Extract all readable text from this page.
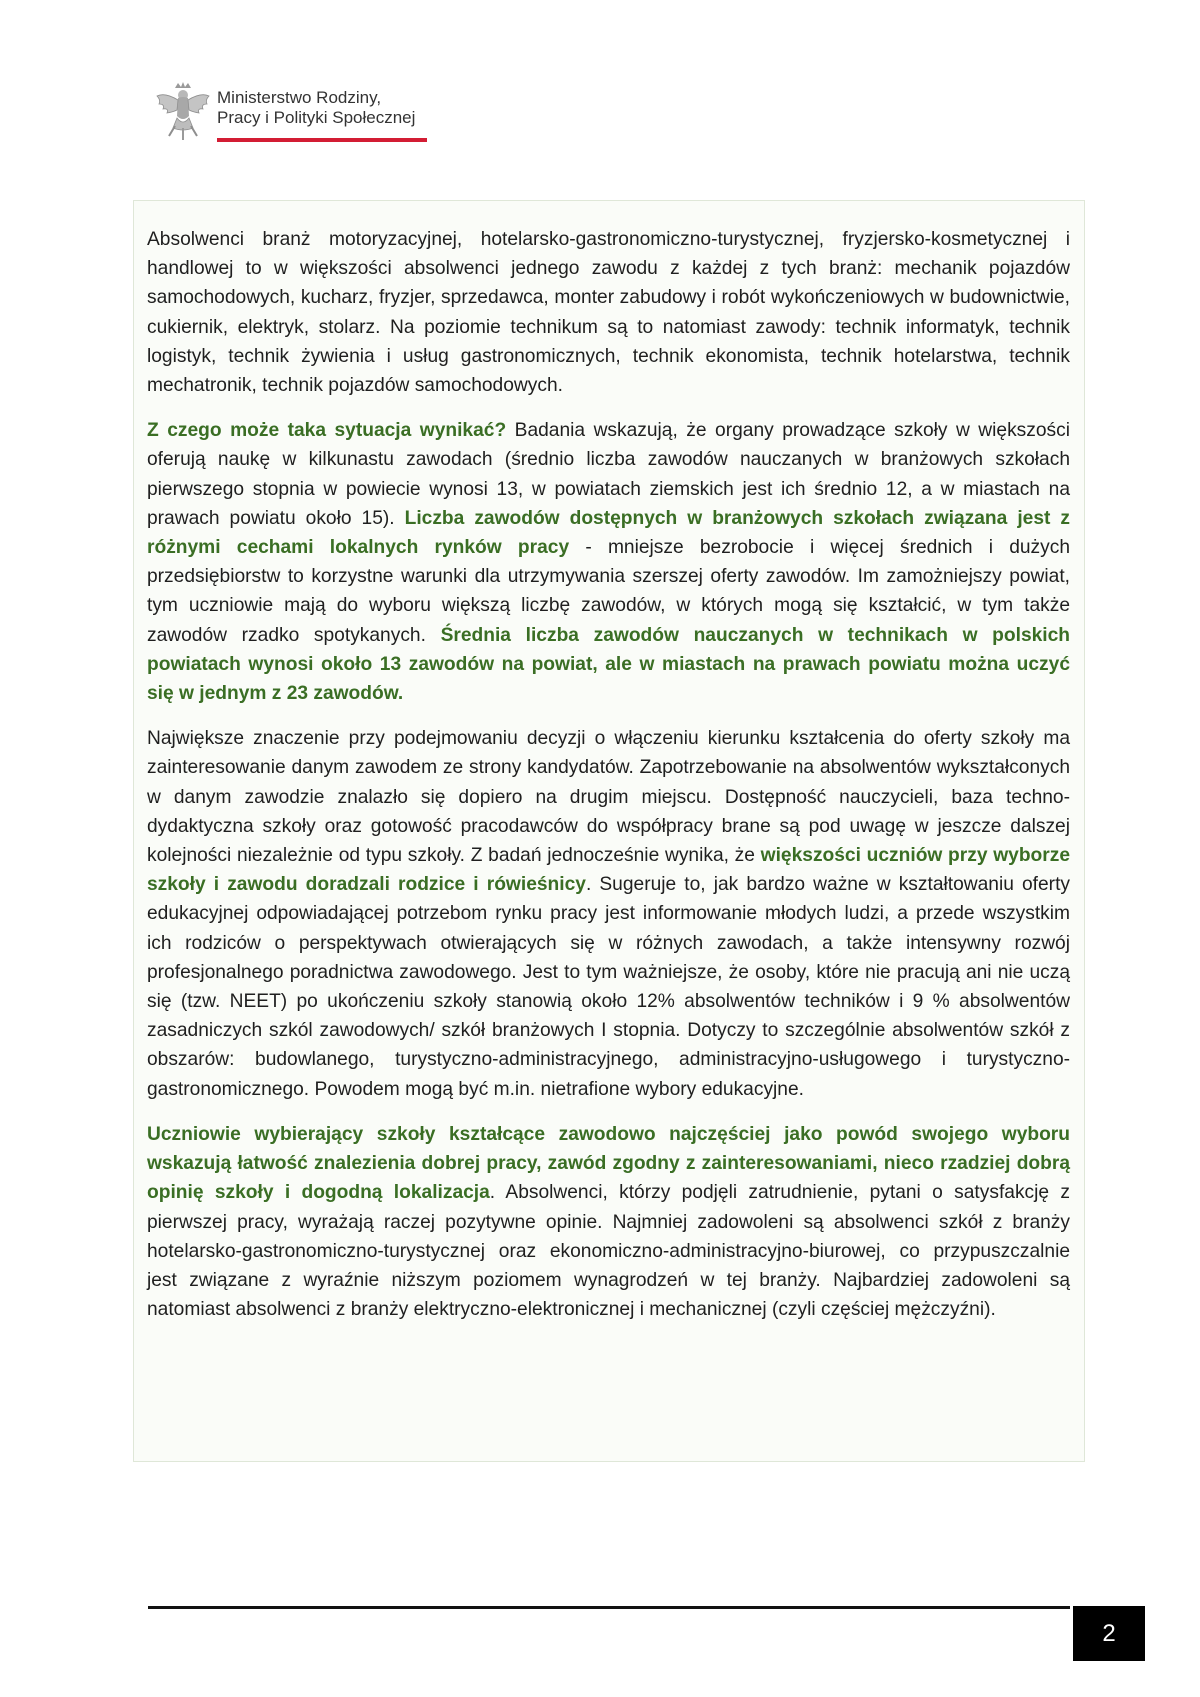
Ministerstwo Rodziny,
Pracy i Polityki Społecznej

Absolwenci branż motoryzacyjnej, hotelarsko-gastronomiczno-turystycznej, fryzjersko-kosmetycznej i handlowej to w większości absolwenci jednego zawodu z każdej z tych branż: mechanik pojazdów samochodowych, kucharz, fryzjer, sprzedawca, monter zabudowy i robót wykończeniowych w budownictwie, cukiernik, elektryk, stolarz. Na poziomie technikum są to natomiast zawody: technik informatyk, technik logistyk, technik żywienia i usług gastronomicznych, technik ekonomista, technik hotelarstwa, technik mechatronik, technik pojazdów samochodowych.

Z czego może taka sytuacja wynikać? Badania wskazują, że organy prowadzące szkoły w większości oferują naukę w kilkunastu zawodach (średnio liczba zawodów nauczanych w branżowych szkołach pierwszego stopnia w powiecie wynosi 13, w powiatach ziemskich jest ich średnio 12, a w miastach na prawach powiatu około 15). Liczba zawodów dostępnych w branżowych szkołach związana jest z różnymi cechami lokalnych rynków pracy - mniejsze bezrobocie i więcej średnich i dużych przedsiębiorstw to korzystne warunki dla utrzymywania szerszej oferty zawodów. Im zamożniejszy powiat, tym uczniowie mają do wyboru większą liczbę zawodów, w których mogą się kształcić, w tym także zawodów rzadko spotykanych. Średnia liczba zawodów nauczanych w technikach w polskich powiatach wynosi około 13 zawodów na powiat, ale w miastach na prawach powiatu można uczyć się w jednym z 23 zawodów.

Największe znaczenie przy podejmowaniu decyzji o włączeniu kierunku kształcenia do oferty szkoły ma zainteresowanie danym zawodem ze strony kandydatów. Zapotrzebowanie na absolwentów wykształconych w danym zawodzie znalazło się dopiero na drugim miejscu. Dostępność nauczycieli, baza techno-dydaktyczna szkoły oraz gotowość pracodawców do współpracy brane są pod uwagę w jeszcze dalszej kolejności niezależnie od typu szkoły. Z badań jednocześnie wynika, że większości uczniów przy wyborze szkoły i zawodu doradzali rodzice i rówieśnicy. Sugeruje to, jak bardzo ważne w kształtowaniu oferty edukacyjnej odpowiadającej potrzebom rynku pracy jest informowanie młodych ludzi, a przede wszystkim ich rodziców o perspektywach otwierających się w różnych zawodach, a także intensywny rozwój profesjonalnego poradnictwa zawodowego. Jest to tym ważniejsze, że osoby, które nie pracują ani nie uczą się (tzw. NEET) po ukończeniu szkoły stanowią około 12% absolwentów techników i 9 % absolwentów zasadniczych szkól zawodowych/ szkół branżowych I stopnia. Dotyczy to szczególnie absolwentów szkół z obszarów: budowlanego, turystyczno-administracyjnego, administracyjno-usługowego i turystyczno-gastronomicznego. Powodem mogą być m.in. nietrafione wybory edukacyjne.

Uczniowie wybierający szkoły kształcące zawodowo najczęściej jako powód swojego wyboru wskazują łatwość znalezienia dobrej pracy, zawód zgodny z zainteresowaniami, nieco rzadziej dobrą opinię szkoły i dogodną lokalizacja. Absolwenci, którzy podjęli zatrudnienie, pytani o satysfakcję z pierwszej pracy, wyrażają raczej pozytywne opinie. Najmniej zadowoleni są absolwenci szkół z branży hotelarsko-gastronomiczno-turystycznej oraz ekonomiczno-administracyjno-biurowej, co przypuszczalnie jest związane z wyraźnie niższym poziomem wynagrodzeń w tej branży. Najbardziej zadowoleni są natomiast absolwenci z branży elektryczno-elektronicznej i mechanicznej (czyli częściej mężczyźni).

2
